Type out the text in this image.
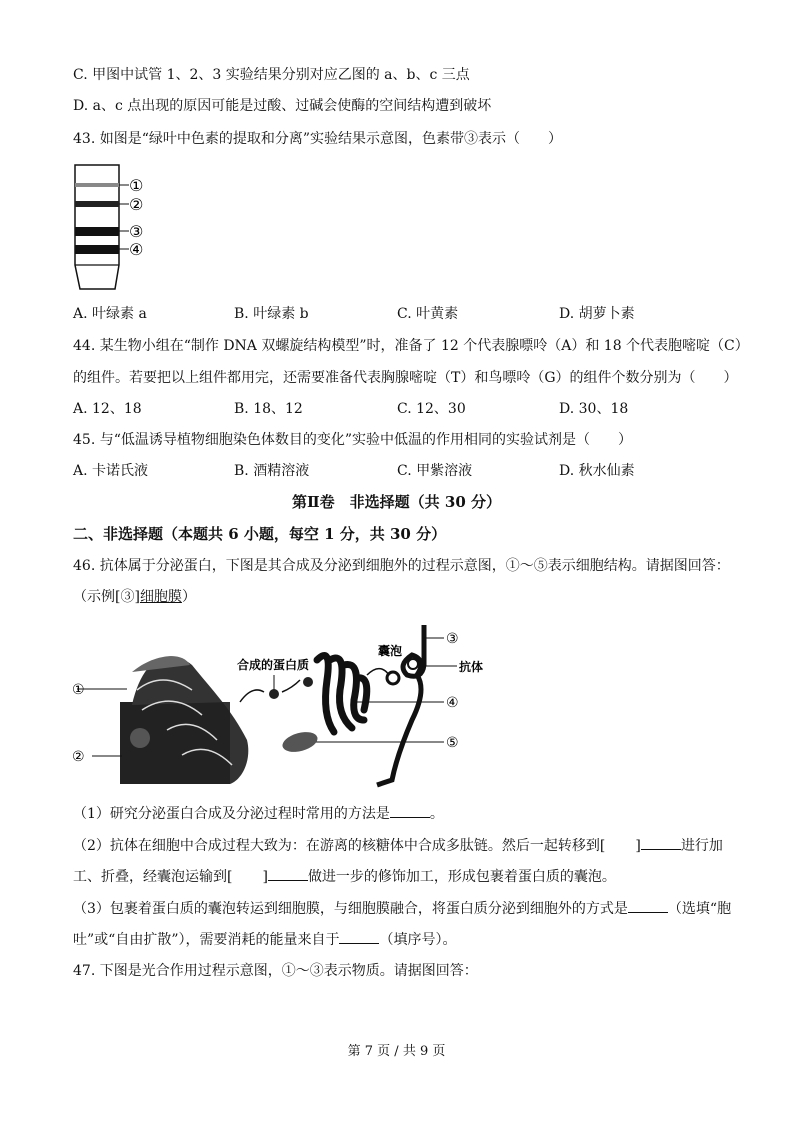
C. 甲图中试管 1、2、3 实验结果分别对应乙图的 a、b、c 三点
D. a、c 点出现的原因可能是过酸、过碱会使酶的空间结构遭到破坏
43. 如图是“绿叶中色素的提取和分离”实验结果示意图，色素带③表示（　　）
①
②
③
④
A. 叶绿素 a	B. 叶绿素 b	C. 叶黄素	D. 胡萝卜素
44. 某生物小组在“制作 DNA 双螺旋结构模型”时，准备了 12 个代表腺嘌呤（A）和 18 个代表胞嘧啶（C）
的组件。若要把以上组件都用完，还需要准备代表胸腺嘧啶（T）和鸟嘌呤（G）的组件个数分别为（　　）
A. 12、18	B. 18、12	C. 12、30	D. 30、18
45. 与“低温诱导植物细胞染色体数目的变化”实验中低温的作用相同的实验试剂是（　　）
A. 卡诺氏液	B. 酒精溶液	C. 甲紫溶液	D. 秋水仙素
第Ⅱ卷　非选择题（共 30 分）
二、非选择题（本题共 6 小题，每空 1 分，共 30 分）
46. 抗体属于分泌蛋白，下图是其合成及分泌到细胞外的过程示意图，①～⑤表示细胞结构。请据图回答：
（示例[③]细胞膜）
①
②
合成的蛋白质
囊泡
③
抗体
④
⑤
（1）研究分泌蛋白合成及分泌过程时常用的方法是	。
（2）抗体在细胞中合成过程大致为：在游离的核糖体中合成多肽链。然后一起转移到[ ]	进行加
工、折叠，经囊泡运输到[ ]	做进一步的修饰加工，形成包裹着蛋白质的囊泡。
（3）包裹着蛋白质的囊泡转运到细胞膜，与细胞膜融合，将蛋白质分泌到细胞外的方式是	（选填“胞
吐”或“自由扩散”），需要消耗的能量来自于	（填序号）。
47. 下图是光合作用过程示意图，①～③表示物质。请据图回答：
第 7 页 / 共 9 页
